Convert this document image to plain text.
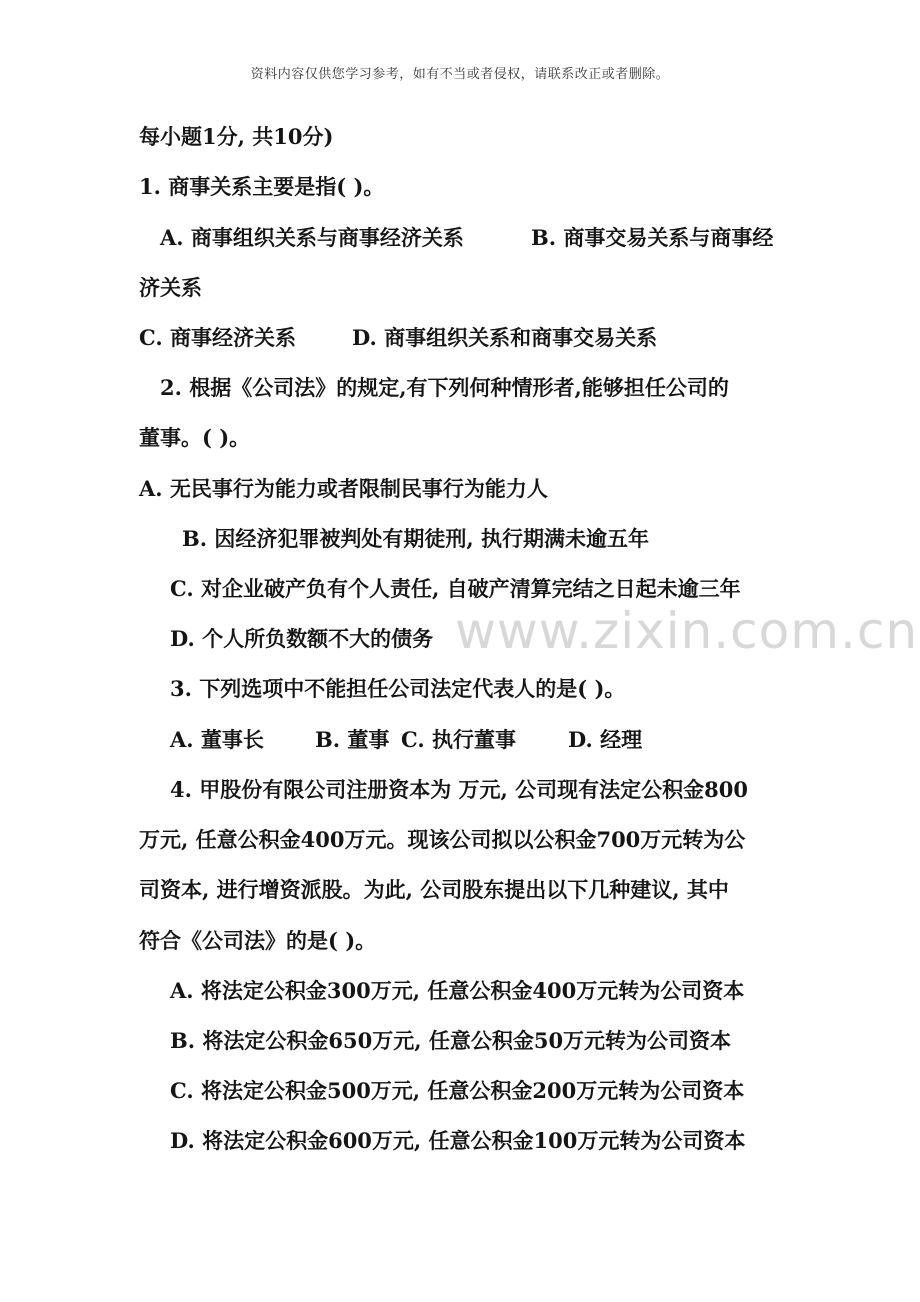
资料内容仅供您学习参考，如有不当或者侵权，请联系改正或者删除。
www.zixin.com.cn
每小题1分, 共10分)
1. 商事关系主要是指( )。
A. 商事组织关系与商事经济关系	B. 商事交易关系与商事经
济关系
C. 商事经济关系	D. 商事组织关系和商事交易关系
2. 根据《公司法》的规定,有下列何种情形者,能够担任公司的
董事。( )。
A. 无民事行为能力或者限制民事行为能力人
B. 因经济犯罪被判处有期徒刑, 执行期满未逾五年
C. 对企业破产负有个人责任, 自破产清算完结之日起未逾三年
D. 个人所负数额不大的债务
3. 下列选项中不能担任公司法定代表人的是( )。
A. 董事长 B. 董事 C. 执行董事 D. 经理
4. 甲股份有限公司注册资本为 万元, 公司现有法定公积金800
万元, 任意公积金400万元。现该公司拟以公积金700万元转为公
司资本, 进行增资派股。为此, 公司股东提出以下几种建议, 其中
符合《公司法》的是( )。
A. 将法定公积金300万元, 任意公积金400万元转为公司资本
B. 将法定公积金650万元, 任意公积金50万元转为公司资本
C. 将法定公积金500万元, 任意公积金200万元转为公司资本
D. 将法定公积金600万元, 任意公积金100万元转为公司资本
